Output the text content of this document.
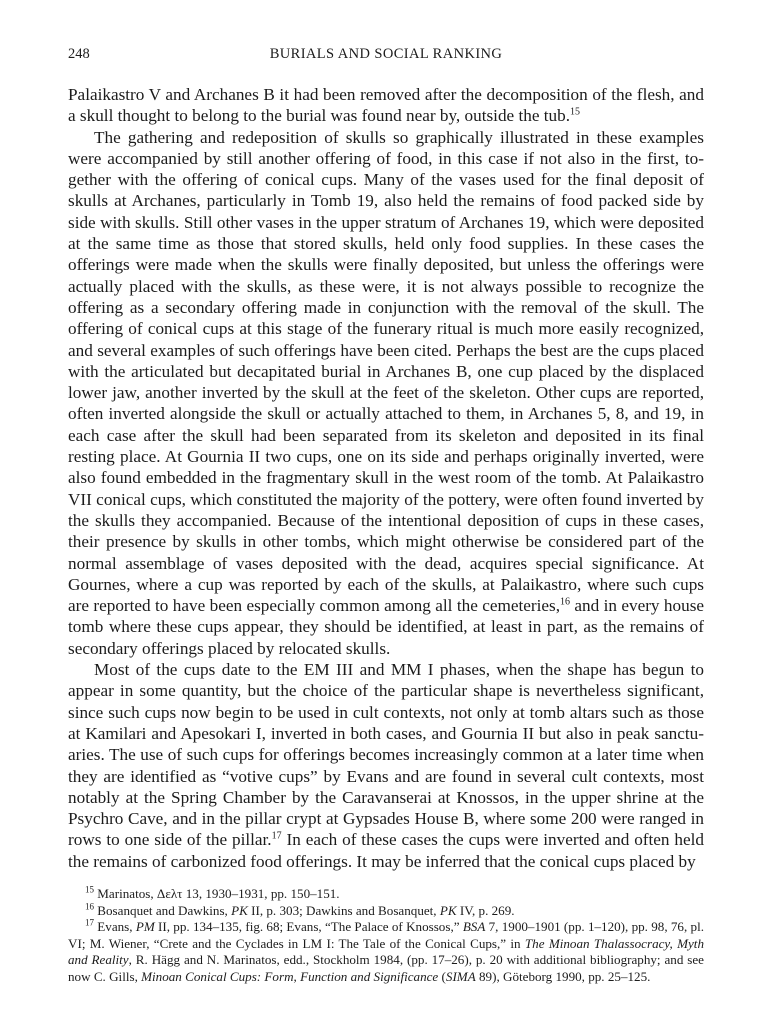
248	BURIALS AND SOCIAL RANKING

Palaikastro V and Archanes B it had been removed after the decomposition of the flesh, and a skull thought to belong to the burial was found near by, outside the tub.$^{15}$

The gathering and redeposition of skulls so graphically illustrated in these examples were accompanied by still another offering of food, in this case if not also in the first, together with the offering of conical cups. Many of the vases used for the final deposit of skulls at Archanes, particularly in Tomb 19, also held the remains of food packed side by side with skulls. Still other vases in the upper stratum of Archanes 19, which were deposited at the same time as those that stored skulls, held only food supplies. In these cases the offerings were made when the skulls were finally deposited, but unless the offerings were actually placed with the skulls, as these were, it is not always possible to recognize the offering as a secondary offering made in conjunction with the removal of the skull. The offering of conical cups at this stage of the funerary ritual is much more easily recognized, and several examples of such offerings have been cited. Perhaps the best are the cups placed with the articulated but decapitated burial in Archanes B, one cup placed by the displaced lower jaw, another inverted by the skull at the feet of the skeleton. Other cups are reported, often inverted alongside the skull or actually attached to them, in Archanes 5, 8, and 19, in each case after the skull had been separated from its skeleton and deposited in its final resting place. At Gournia II two cups, one on its side and perhaps originally inverted, were also found embedded in the fragmentary skull in the west room of the tomb. At Palaikastro VII conical cups, which constituted the majority of the pottery, were often found inverted by the skulls they accompanied. Because of the intentional deposition of cups in these cases, their presence by skulls in other tombs, which might otherwise be considered part of the normal assemblage of vases deposited with the dead, acquires special significance. At Gournes, where a cup was reported by each of the skulls, at Palaikastro, where such cups are reported to have been especially common among all the cemeteries,$^{16}$ and in every house tomb where these cups appear, they should be identified, at least in part, as the remains of secondary offerings placed by relocated skulls.

Most of the cups date to the EM III and MM I phases, when the shape has begun to appear in some quantity, but the choice of the particular shape is nevertheless significant, since such cups now begin to be used in cult contexts, not only at tomb altars such as those at Kamilari and Apesokari I, inverted in both cases, and Gournia II but also in peak sanctuaries. The use of such cups for offerings becomes increasingly common at a later time when they are identified as “votive cups” by Evans and are found in several cult contexts, most notably at the Spring Chamber by the Caravanserai at Knossos, in the upper shrine at the Psychro Cave, and in the pillar crypt at Gypsades House B, where some 200 were ranged in rows to one side of the pillar.$^{17}$ In each of these cases the cups were inverted and often held the remains of carbonized food offerings. It may be inferred that the conical cups placed by

$^{15}$ Marinatos, Δελτ 13, 1930–1931, pp. 150–151.

$^{16}$ Bosanquet and Dawkins, PK II, p. 303; Dawkins and Bosanquet, PK IV, p. 269.

$^{17}$ Evans, PM II, pp. 134–135, fig. 68; Evans, “The Palace of Knossos,” BSA 7, 1900–1901 (pp. 1–120), pp. 98, 76, pl. VI; M. Wiener, “Crete and the Cyclades in LM I: The Tale of the Conical Cups,” in The Minoan Thalassocracy, Myth and Reality, R. Hägg and N. Marinatos, edd., Stockholm 1984, (pp. 17–26), p. 20 with additional bibliography; and see now C. Gills, Minoan Conical Cups: Form, Function and Significance (SIMA 89), Göteborg 1990, pp. 25–125.
